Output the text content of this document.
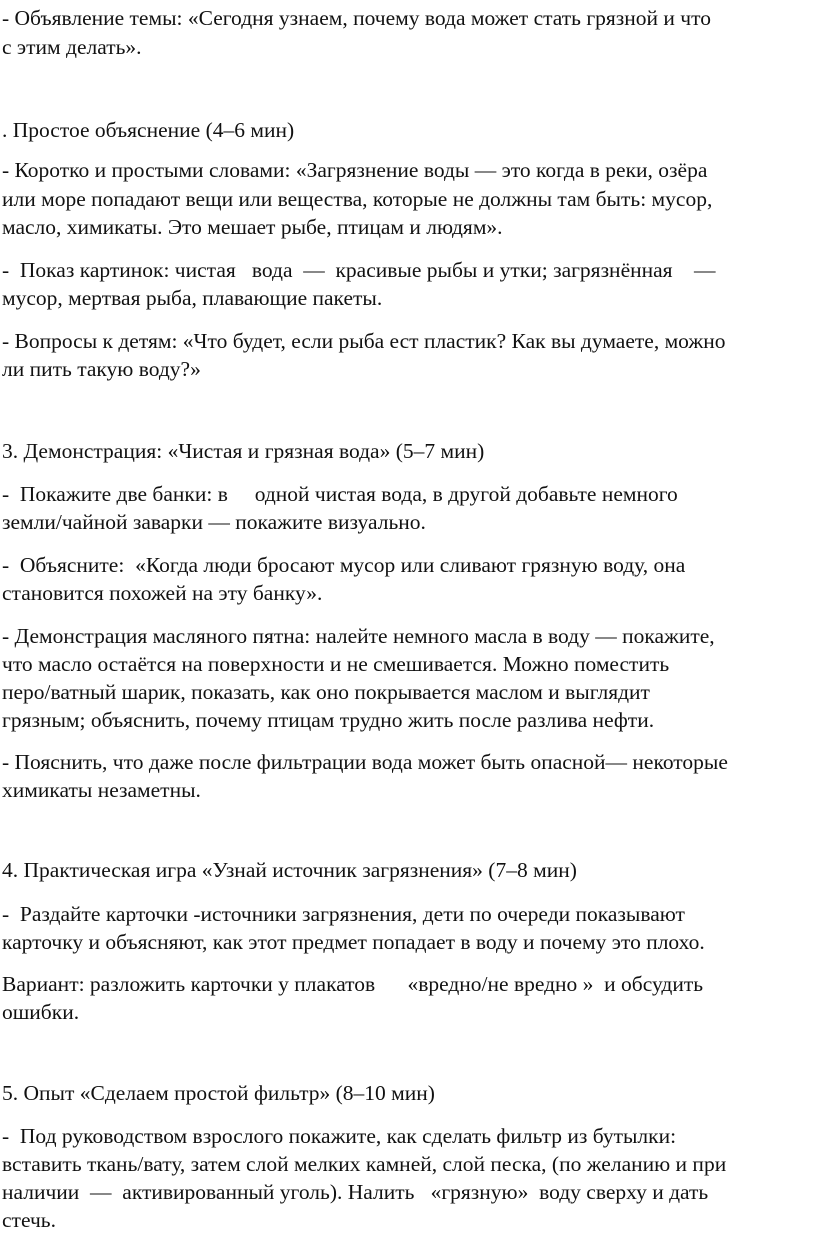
- Объявление темы: «Сегодня узнаем, почему вода может стать грязной и что
с этим делать».
. Простое объяснение (4–6 мин)
- Коротко и простыми словами: «Загрязнение воды — это когда в реки, озёра
или море попадают вещи или вещества, которые не должны там быть: мусор,
масло, химикаты. Это мешает рыбе, птицам и людям».
-  Показ картинок: чистая   вода  —  красивые рыбы и утки; загрязнённая    —
мусор, мертвая рыба, плавающие пакеты.
- Вопросы к детям: «Что будет, если рыба ест пластик? Как вы думаете, можно
ли пить такую воду?»
3. Демонстрация: «Чистая и грязная вода» (5–7 мин)
-  Покажите две банки: в     одной чистая вода, в другой добавьте немного
земли/чайной заварки — покажите визуально.
-  Объясните:  «Когда люди бросают мусор или сливают грязную воду, она
становится похожей на эту банку».
- Демонстрация масляного пятна: налейте немного масла в воду — покажите,
что масло остаётся на поверхности и не смешивается. Можно поместить
перо/ватный шарик, показать, как оно покрывается маслом и выглядит
грязным; объяснить, почему птицам трудно жить после разлива нефти.
- Пояснить, что даже после фильтрации вода может быть опасной— некоторые
химикаты незаметны.
4. Практическая игра «Узнай источник загрязнения» (7–8 мин)
-  Раздайте карточки -источники загрязнения, дети по очереди показывают
карточку и объясняют, как этот предмет попадает в воду и почему это плохо.
Вариант: разложить карточки у плакатов      «вредно/не вредно »  и обсудить
ошибки.
5. Опыт «Сделаем простой фильтр» (8–10 мин)
-  Под руководством взрослого покажите, как сделать фильтр из бутылки:
вставить ткань/вату, затем слой мелких камней, слой песка, (по желанию и при
наличии  —  активированный уголь). Налить   «грязную»  воду сверху и дать
стечь.
